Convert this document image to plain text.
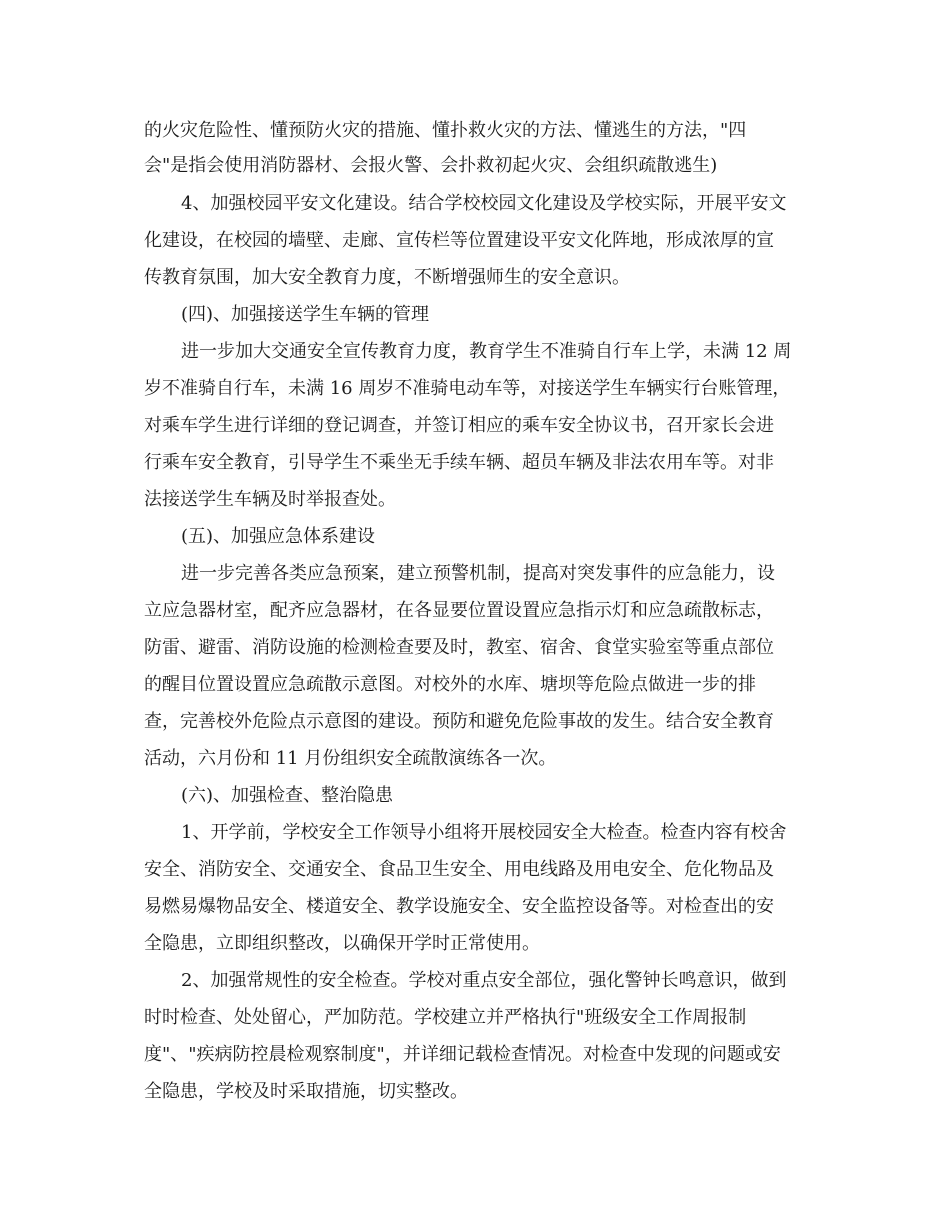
的火灾危险性、懂预防火灾的措施、懂扑救火灾的方法、懂逃生的方法，"四
会"是指会使用消防器材、会报火警、会扑救初起火灾、会组织疏散逃生)
4、加强校园平安文化建设。结合学校校园文化建设及学校实际，开展平安文
化建设，在校园的墙壁、走廊、宣传栏等位置建设平安文化阵地，形成浓厚的宣
传教育氛围，加大安全教育力度，不断增强师生的安全意识。
(四)、加强接送学生车辆的管理
进一步加大交通安全宣传教育力度，教育学生不准骑自行车上学，未满 12 周
岁不准骑自行车，未满 16 周岁不准骑电动车等，对接送学生车辆实行台账管理，
对乘车学生进行详细的登记调查，并签订相应的乘车安全协议书，召开家长会进
行乘车安全教育，引导学生不乘坐无手续车辆、超员车辆及非法农用车等。对非
法接送学生车辆及时举报查处。
(五)、加强应急体系建设
进一步完善各类应急预案，建立预警机制，提高对突发事件的应急能力，设
立应急器材室，配齐应急器材，在各显要位置设置应急指示灯和应急疏散标志，
防雷、避雷、消防设施的检测检查要及时，教室、宿舍、食堂实验室等重点部位
的醒目位置设置应急疏散示意图。对校外的水库、塘坝等危险点做进一步的排
查，完善校外危险点示意图的建设。预防和避免危险事故的发生。结合安全教育
活动，六月份和 11 月份组织安全疏散演练各一次。
(六)、加强检查、整治隐患
1、开学前，学校安全工作领导小组将开展校园安全大检查。检查内容有校舍
安全、消防安全、交通安全、食品卫生安全、用电线路及用电安全、危化物品及
易燃易爆物品安全、楼道安全、教学设施安全、安全监控设备等。对检查出的安
全隐患，立即组织整改，以确保开学时正常使用。
2、加强常规性的安全检查。学校对重点安全部位，强化警钟长鸣意识，做到
时时检查、处处留心，严加防范。学校建立并严格执行"班级安全工作周报制
度"、"疾病防控晨检观察制度"，并详细记载检查情况。对检查中发现的问题或安
全隐患，学校及时采取措施，切实整改。
